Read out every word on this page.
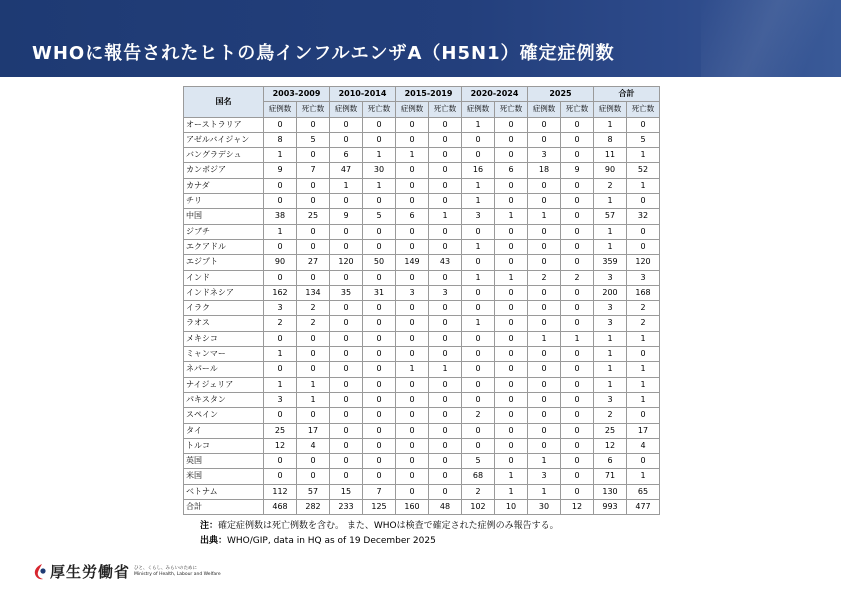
WHOに報告されたヒトの鳥インフルエンザA（H5N1）確定症例数
国名	2003-2009		2010-2014		2015-2019		2020-2024		2025		合計	
	症例数	死亡数	症例数	死亡数	症例数	死亡数	症例数	死亡数	症例数	死亡数	症例数	死亡数
オーストラリア	0	0	0	0	0	0	1	0	0	0	1	0
アゼルバイジャン	8	5	0	0	0	0	0	0	0	0	8	5
バングラデシュ	1	0	6	1	1	0	0	0	3	0	11	1
カンボジア	9	7	47	30	0	0	16	6	18	9	90	52
カナダ	0	0	1	1	0	0	1	0	0	0	2	1
チリ	0	0	0	0	0	0	1	0	0	0	1	0
中国	38	25	9	5	6	1	3	1	1	0	57	32
ジブチ	1	0	0	0	0	0	0	0	0	0	1	0
エクアドル	0	0	0	0	0	0	1	0	0	0	1	0
エジプト	90	27	120	50	149	43	0	0	0	0	359	120
インド	0	0	0	0	0	0	1	1	2	2	3	3
インドネシア	162	134	35	31	3	3	0	0	0	0	200	168
イラク	3	2	0	0	0	0	0	0	0	0	3	2
ラオス	2	2	0	0	0	0	1	0	0	0	3	2
メキシコ	0	0	0	0	0	0	0	0	1	1	1	1
ミャンマー	1	0	0	0	0	0	0	0	0	0	1	0
ネパール	0	0	0	0	1	1	0	0	0	0	1	1
ナイジェリア	1	1	0	0	0	0	0	0	0	0	1	1
パキスタン	3	1	0	0	0	0	0	0	0	0	3	1
スペイン	0	0	0	0	0	0	2	0	0	0	2	0
タイ	25	17	0	0	0	0	0	0	0	0	25	17
トルコ	12	4	0	0	0	0	0	0	0	0	12	4
英国	0	0	0	0	0	0	5	0	1	0	6	0
米国	0	0	0	0	0	0	68	1	3	0	71	1
ベトナム	112	57	15	7	0	0	2	1	1	0	130	65
合計	468	282	233	125	160	48	102	10	30	12	993	477
注：確定症例数は死亡例数を含む。 また、WHOは検査で確定された症例のみ報告する。
出典：WHO/GIP, data in HQ as of 19 December 2025
厚生労働省 ひと、くらし、みらいのために
Ministry of Health, Labour and Welfare
